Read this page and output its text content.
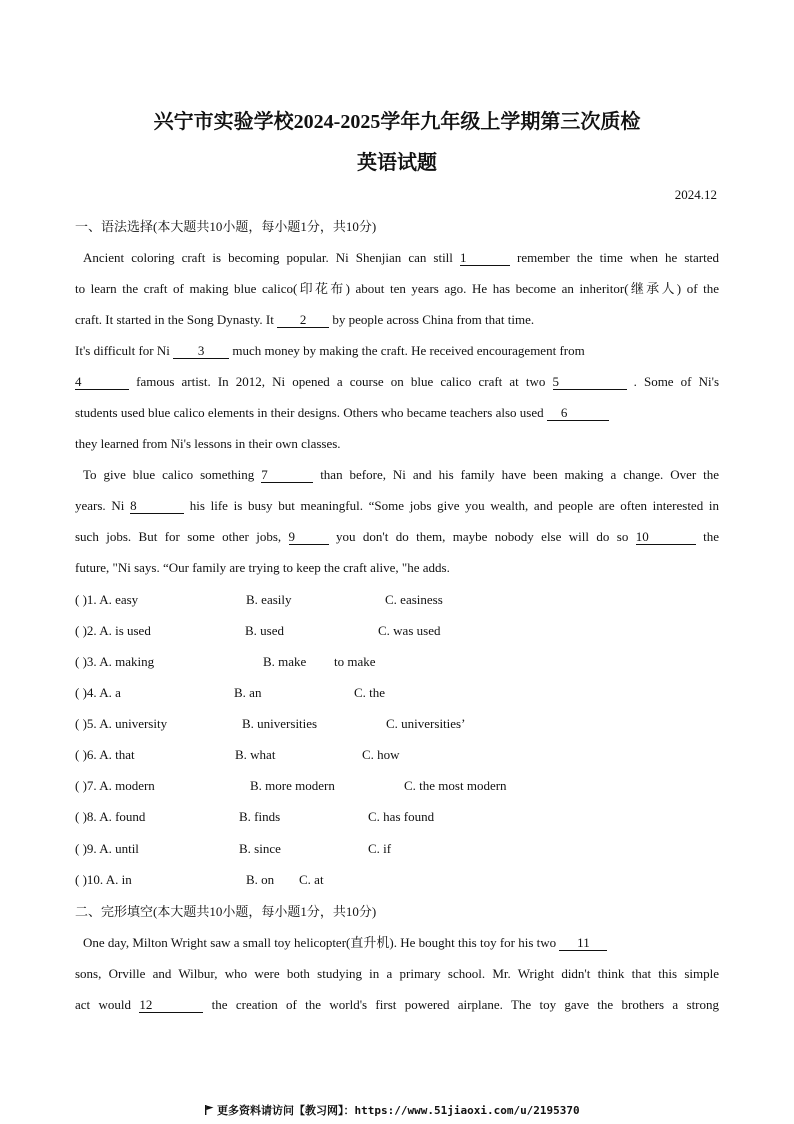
兴宁市实验学校2024-2025学年九年级上学期第三次质检
英语试题
2024.12
一、语法选择(本大题共10小题，每小题1分，共10分)
Ancient coloring craft is becoming popular. Ni Shenjian can still 1	remember the time when he started
to learn the craft of making blue calico(印花布) about ten years ago. He has become an inheritor(继承人) of the
craft. It started in the Song Dynasty. It 2 by people across China from that time.
It's difficult for Ni 3 much money by making the craft. He received encouragement from
4	famous artist. In 2012, Ni opened a course on blue calico craft at two 5	. Some of Ni's
students used blue calico elements in their designs. Others who became teachers also used 6
they learned from Ni's lessons in their own classes.
To give blue calico something 7	than before, Ni and his family have been making a change. Over the
years. Ni 8	his life is busy but meaningful. “Some jobs give you wealth, and people are often interested in
such jobs. But for some other jobs, 9	you don't do them, maybe nobody else will do so 10	the
future, "Ni says. “Our family are trying to keep the craft alive, "he adds.
( )1. A. easy	B. easily	C. easiness
( )2. A. is used	B. used	C. was used
( )3. A. making	B. make to make
( )4. A. a	B. an	C. the
( )5. A. university	B. universities	C. universities’
( )6. A. that	B. what	C. how
( )7. A. modern	B. more modern	C. the most modern
( )8. A. found	B. finds	C. has found
( )9. A. until	B. since	C. if
( )10. A. in	B. on C. at
二、完形填空(本大题共10小题，每小题1分，共10分)
One day, Milton Wright saw a small toy helicopter(直升机). He bought this toy for his two 11
sons, Orville and Wilbur, who were both studying in a primary school. Mr. Wright didn't think that this simple
act would 12	the creation of the world's first powered airplane. The toy gave the brothers a strong
更多资料请访问【教习网】：https://www.51jiaoxi.com/u/2195370
